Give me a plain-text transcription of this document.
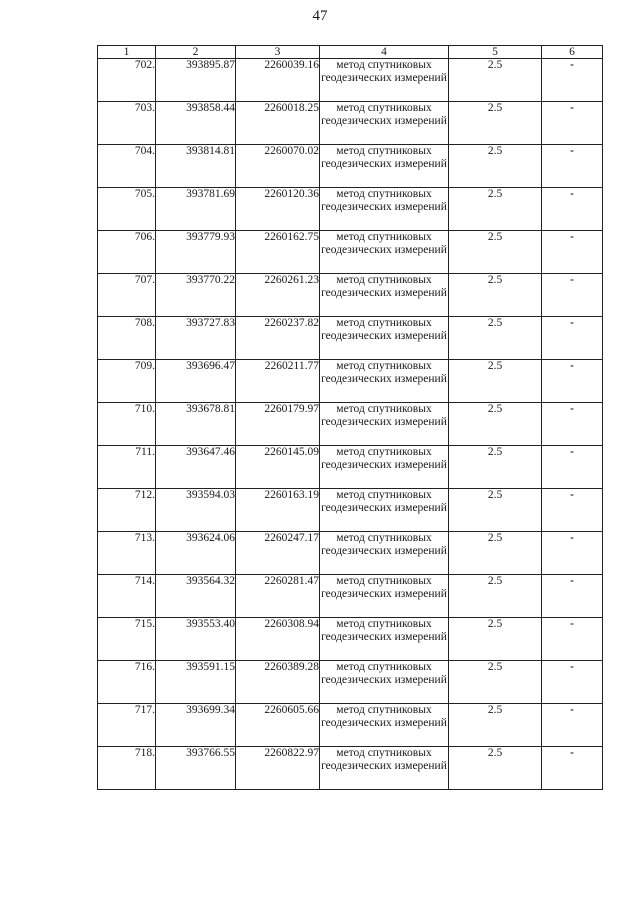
47
1	2	3	4	5	6
702.	393895.87	2260039.16	метод спутниковых геодезических измерений	2.5	-
703.	393858.44	2260018.25	метод спутниковых геодезических измерений	2.5	-
704.	393814.81	2260070.02	метод спутниковых геодезических измерений	2.5	-
705.	393781.69	2260120.36	метод спутниковых геодезических измерений	2.5	-
706.	393779.93	2260162.75	метод спутниковых геодезических измерений	2.5	-
707.	393770.22	2260261.23	метод спутниковых геодезических измерений	2.5	-
708.	393727.83	2260237.82	метод спутниковых геодезических измерений	2.5	-
709.	393696.47	2260211.77	метод спутниковых геодезических измерений	2.5	-
710.	393678.81	2260179.97	метод спутниковых геодезических измерений	2.5	-
711.	393647.46	2260145.09	метод спутниковых геодезических измерений	2.5	-
712.	393594.03	2260163.19	метод спутниковых геодезических измерений	2.5	-
713.	393624.06	2260247.17	метод спутниковых геодезических измерений	2.5	-
714.	393564.32	2260281.47	метод спутниковых геодезических измерений	2.5	-
715.	393553.40	2260308.94	метод спутниковых геодезических измерений	2.5	-
716.	393591.15	2260389.28	метод спутниковых геодезических измерений	2.5	-
717.	393699.34	2260605.66	метод спутниковых геодезических измерений	2.5	-
718.	393766.55	2260822.97	метод спутниковых геодезических измерений	2.5	-
